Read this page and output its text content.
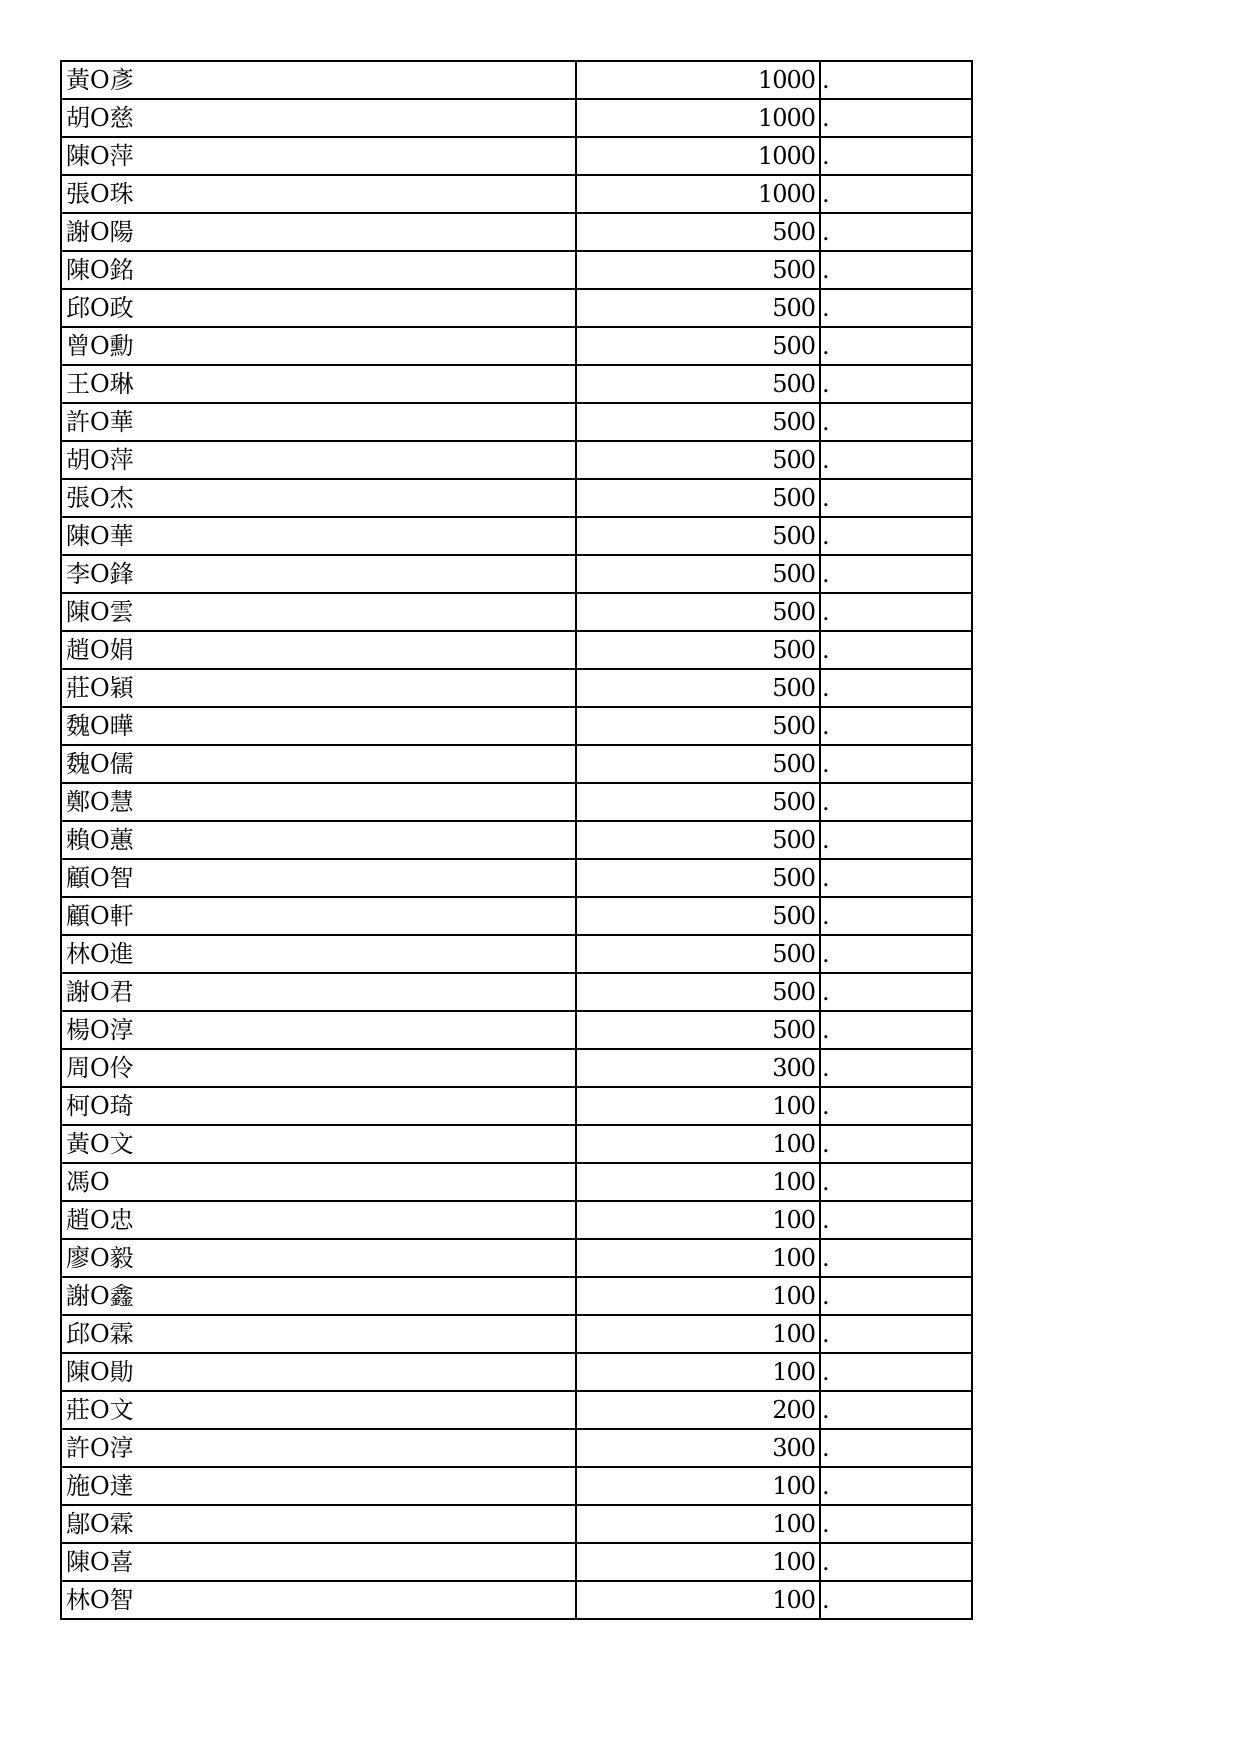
黃O彥	1000	.
胡O慈	1000	.
陳O萍	1000	.
張O珠	1000	.
謝O陽	500	.
陳O銘	500	.
邱O政	500	.
曾O勳	500	.
王O琳	500	.
許O華	500	.
胡O萍	500	.
張O杰	500	.
陳O華	500	.
李O鋒	500	.
陳O雲	500	.
趙O娟	500	.
莊O穎	500	.
魏O曄	500	.
魏O儒	500	.
鄭O慧	500	.
賴O蕙	500	.
顧O智	500	.
顧O軒	500	.
林O進	500	.
謝O君	500	.
楊O淳	500	.
周O伶	300	.
柯O琦	100	.
黃O文	100	.
馮O	100	.
趙O忠	100	.
廖O毅	100	.
謝O鑫	100	.
邱O霖	100	.
陳O勛	100	.
莊O文	200	.
許O淳	300	.
施O達	100	.
鄔O霖	100	.
陳O喜	100	.
林O智	100	.
